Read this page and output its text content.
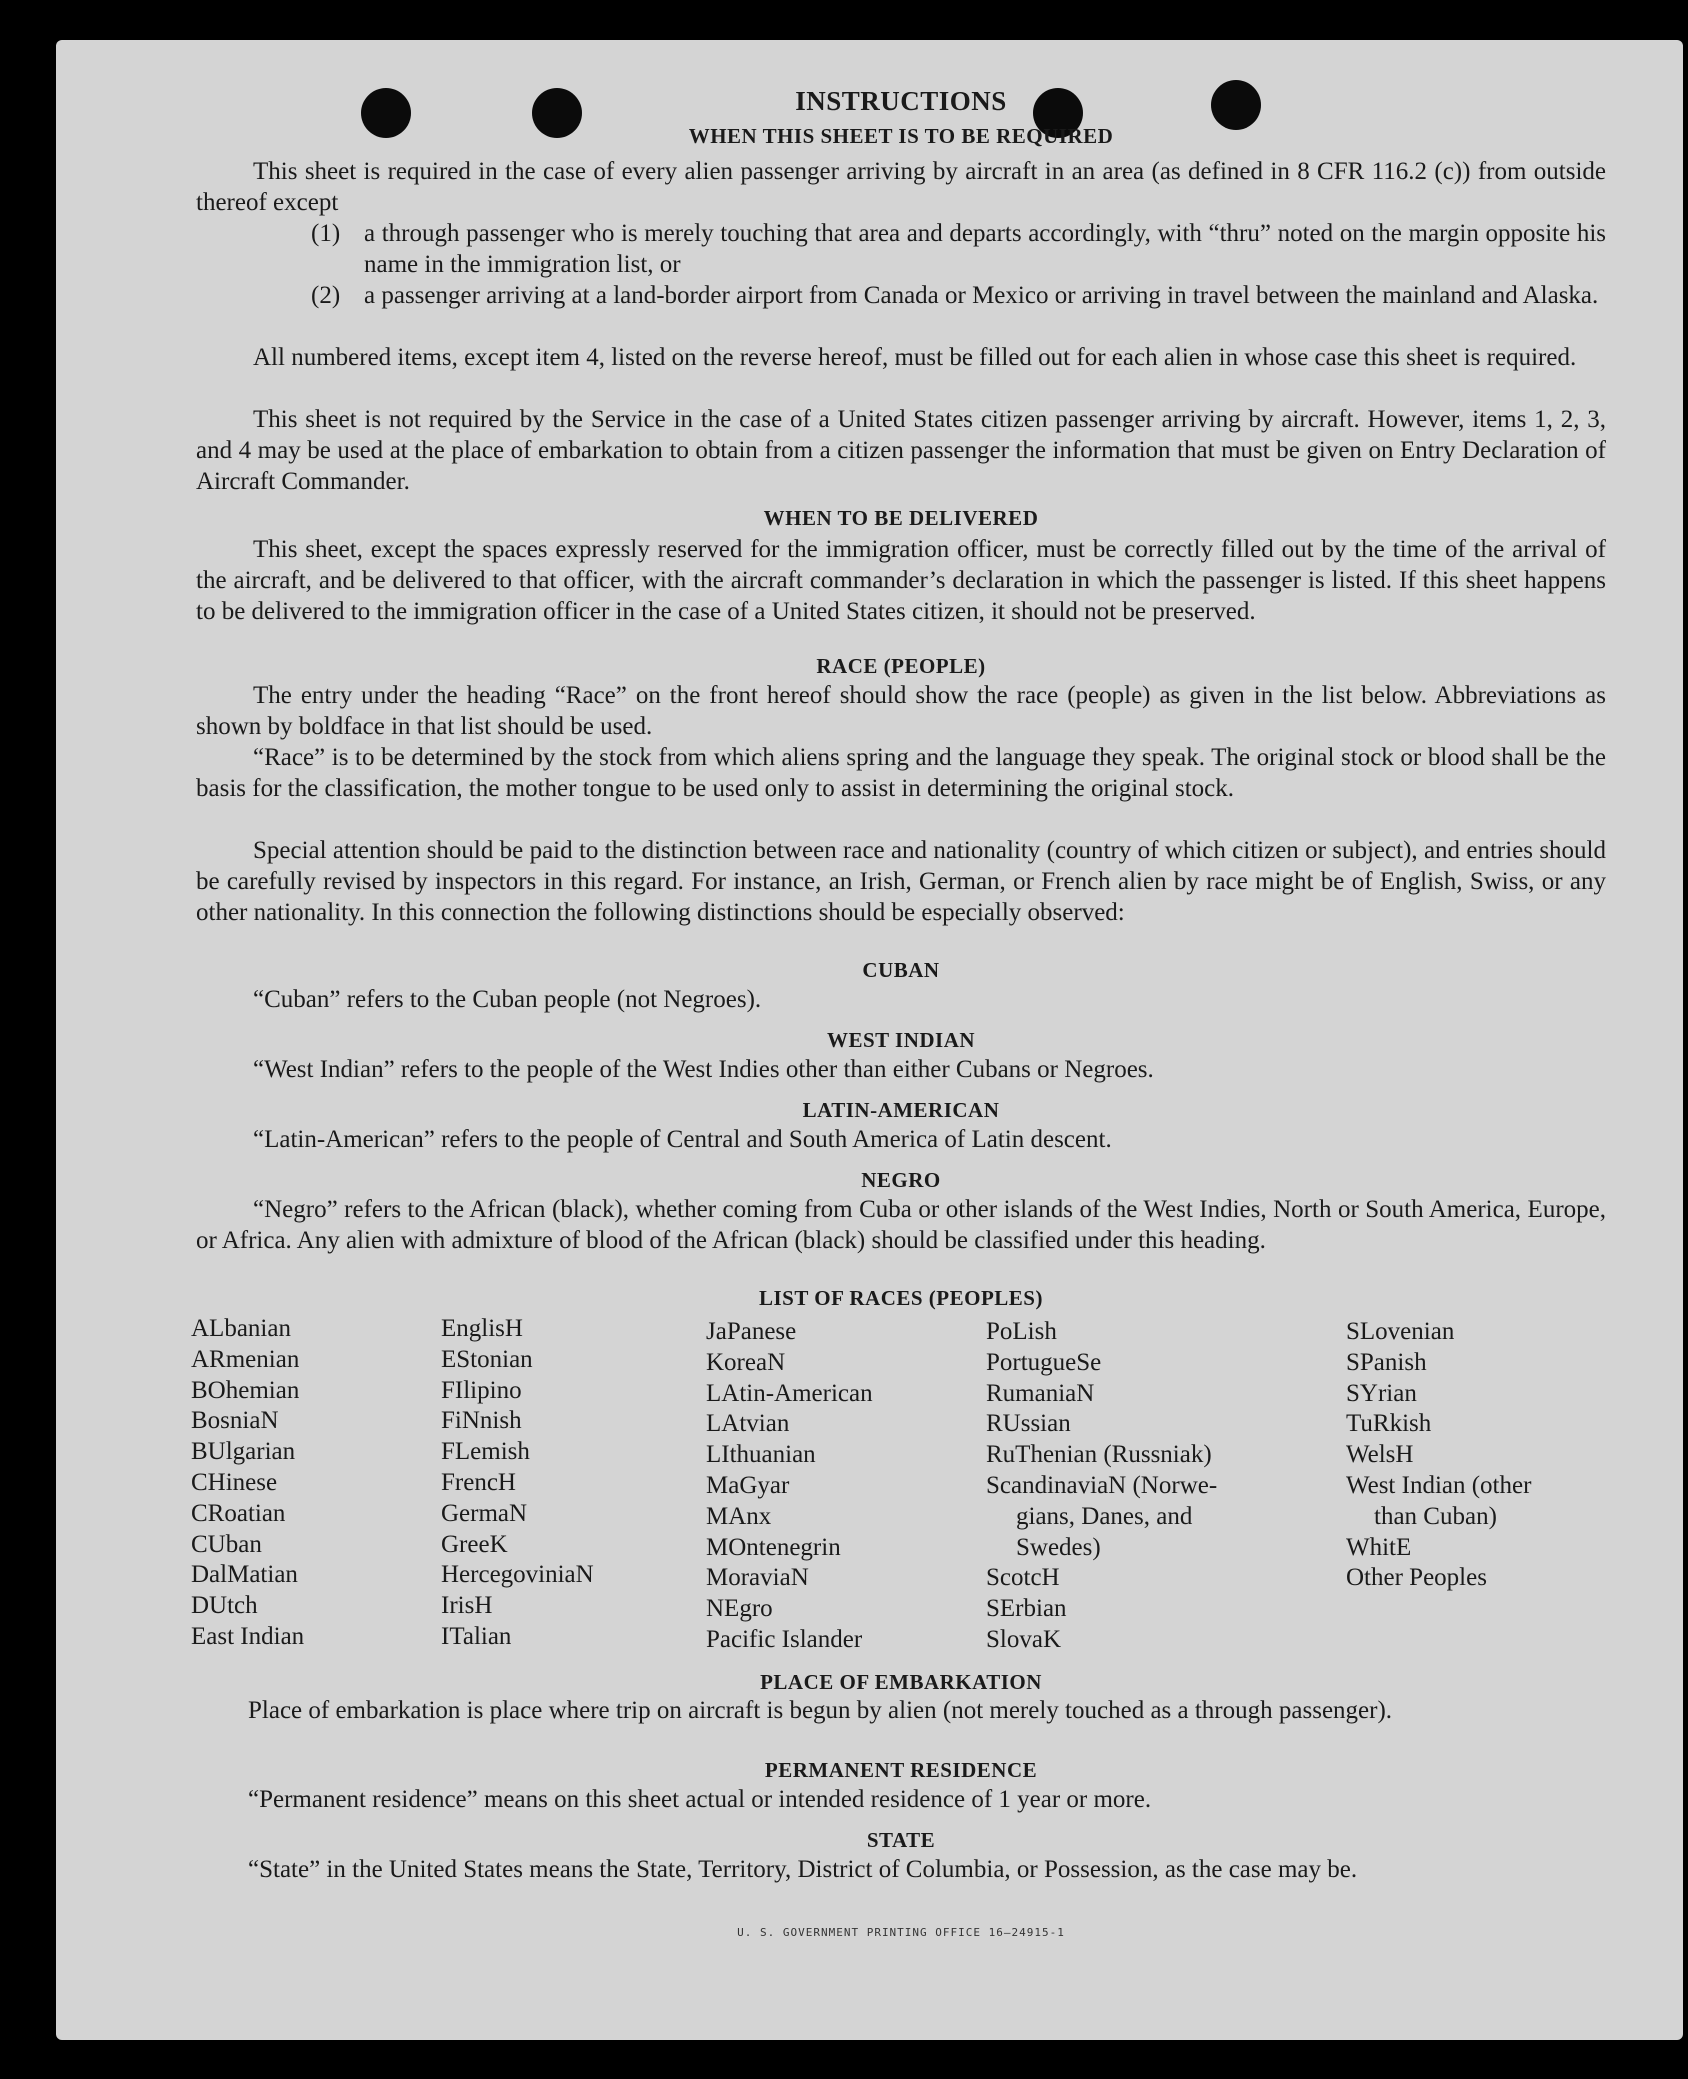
INSTRUCTIONS
WHEN THIS SHEET IS TO BE REQUIRED
This sheet is required in the case of every alien passenger arriving by aircraft in an area (as defined in 8 CFR 116.2 (c)) from outside thereof except
(1) a through passenger who is merely touching that area and departs accordingly, with “thru” noted on the margin opposite his name in the immigration list, or
(2) a passenger arriving at a land-border airport from Canada or Mexico or arriving in travel between the mainland and Alaska.
All numbered items, except item 4, listed on the reverse hereof, must be filled out for each alien in whose case this sheet is required.
This sheet is not required by the Service in the case of a United States citizen passenger arriving by aircraft. However, items 1, 2, 3, and 4 may be used at the place of embarkation to obtain from a citizen passenger the information that must be given on Entry Declaration of Aircraft Commander.
WHEN TO BE DELIVERED
This sheet, except the spaces expressly reserved for the immigration officer, must be correctly filled out by the time of the arrival of the aircraft, and be delivered to that officer, with the aircraft commander’s declaration in which the passenger is listed. If this sheet happens to be delivered to the immigration officer in the case of a United States citizen, it should not be preserved.
RACE (PEOPLE)
The entry under the heading “Race” on the front hereof should show the race (people) as given in the list below. Abbreviations as shown by boldface in that list should be used.
“Race” is to be determined by the stock from which aliens spring and the language they speak. The original stock or blood shall be the basis for the classification, the mother tongue to be used only to assist in determining the original stock.
Special attention should be paid to the distinction between race and nationality (country of which citizen or subject), and entries should be carefully revised by inspectors in this regard. For instance, an Irish, German, or French alien by race might be of English, Swiss, or any other nationality. In this connection the following distinctions should be especially observed:
CUBAN
“Cuban” refers to the Cuban people (not Negroes).
WEST INDIAN
“West Indian” refers to the people of the West Indies other than either Cubans or Negroes.
LATIN-AMERICAN
“Latin-American” refers to the people of Central and South America of Latin descent.
NEGRO
“Negro” refers to the African (black), whether coming from Cuba or other islands of the West Indies, North or South America, Europe, or Africa. Any alien with admixture of blood of the African (black) should be classified under this heading.
LIST OF RACES (PEOPLES)
ALbanian
ARmenian
BOhemian
BosniaN
BUlgarian
CHinese
CRoatian
CUban
DalMatian
DUtch
East Indian
EnglisH
EStonian
FIlipino
FiNnish
FLemish
FrencH
GermaN
GreeK
HercegoviniaN
IrisH
ITalian
JaPanese
KoreaN
LAtin-American
LAtvian
LIthuanian
MaGyar
MAnx
MOntenegrin
MoraviaN
NEgro
Pacific Islander
PoLish
PortugueSe
RumaniaN
RUssian
RuThenian (Russniak)
ScandinaviaN (Norwe-
gians, Danes, and
Swedes)
ScotcH
SErbian
SlovaK
SLovenian
SPanish
SYrian
TuRkish
WelsH
West Indian (other
than Cuban)
WhitE
Other Peoples
PLACE OF EMBARKATION
Place of embarkation is place where trip on aircraft is begun by alien (not merely touched as a through passenger).
PERMANENT RESIDENCE
“Permanent residence” means on this sheet actual or intended residence of 1 year or more.
STATE
“State” in the United States means the State, Territory, District of Columbia, or Possession, as the case may be.
U. S. GOVERNMENT PRINTING OFFICE 16—24915-1
